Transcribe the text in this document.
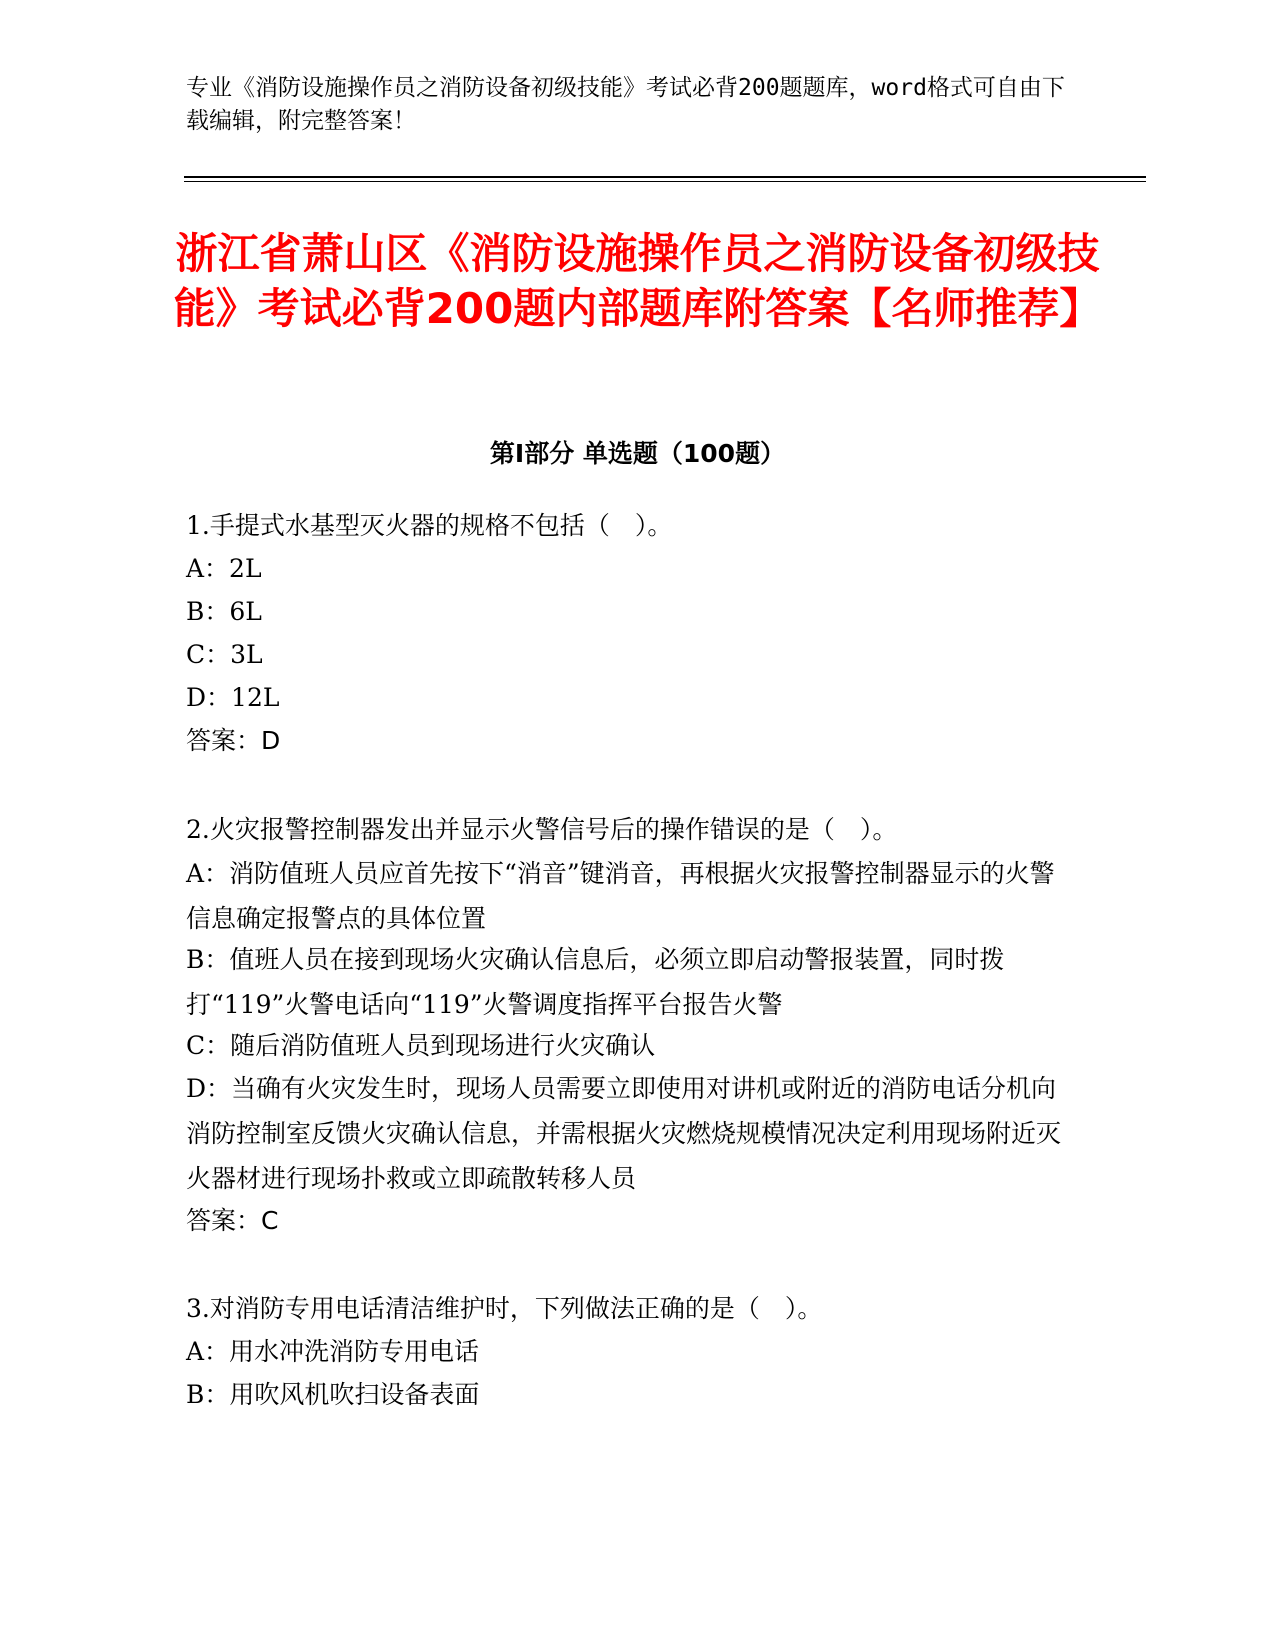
专业《消防设施操作员之消防设备初级技能》考试必背200题题库，word格式可自由下载编辑，附完整答案！
浙江省萧山区《消防设施操作员之消防设备初级技能》考试必背200题内部题库附答案【名师推荐】
第I部分 单选题（100题）

1.手提式水基型灭火器的规格不包括（　）。

A：2L

B：6L

C：3L

D：12L

答案：D

2.火灾报警控制器发出并显示火警信号后的操作错误的是（　）。

A：消防值班人员应首先按下“消音”键消音，再根据火灾报警控制器显示的火警信息确定报警点的具体位置

B：值班人员在接到现场火灾确认信息后，必须立即启动警报装置，同时拨打“119”火警电话向“119”火警调度指挥平台报告火警

C：随后消防值班人员到现场进行火灾确认

D：当确有火灾发生时，现场人员需要立即使用对讲机或附近的消防电话分机向消防控制室反馈火灾确认信息，并需根据火灾燃烧规模情况决定利用现场附近灭火器材进行现场扑救或立即疏散转移人员

答案：C

3.对消防专用电话清洁维护时，下列做法正确的是（　）。

A：用水冲洗消防专用电话

B：用吹风机吹扫设备表面
